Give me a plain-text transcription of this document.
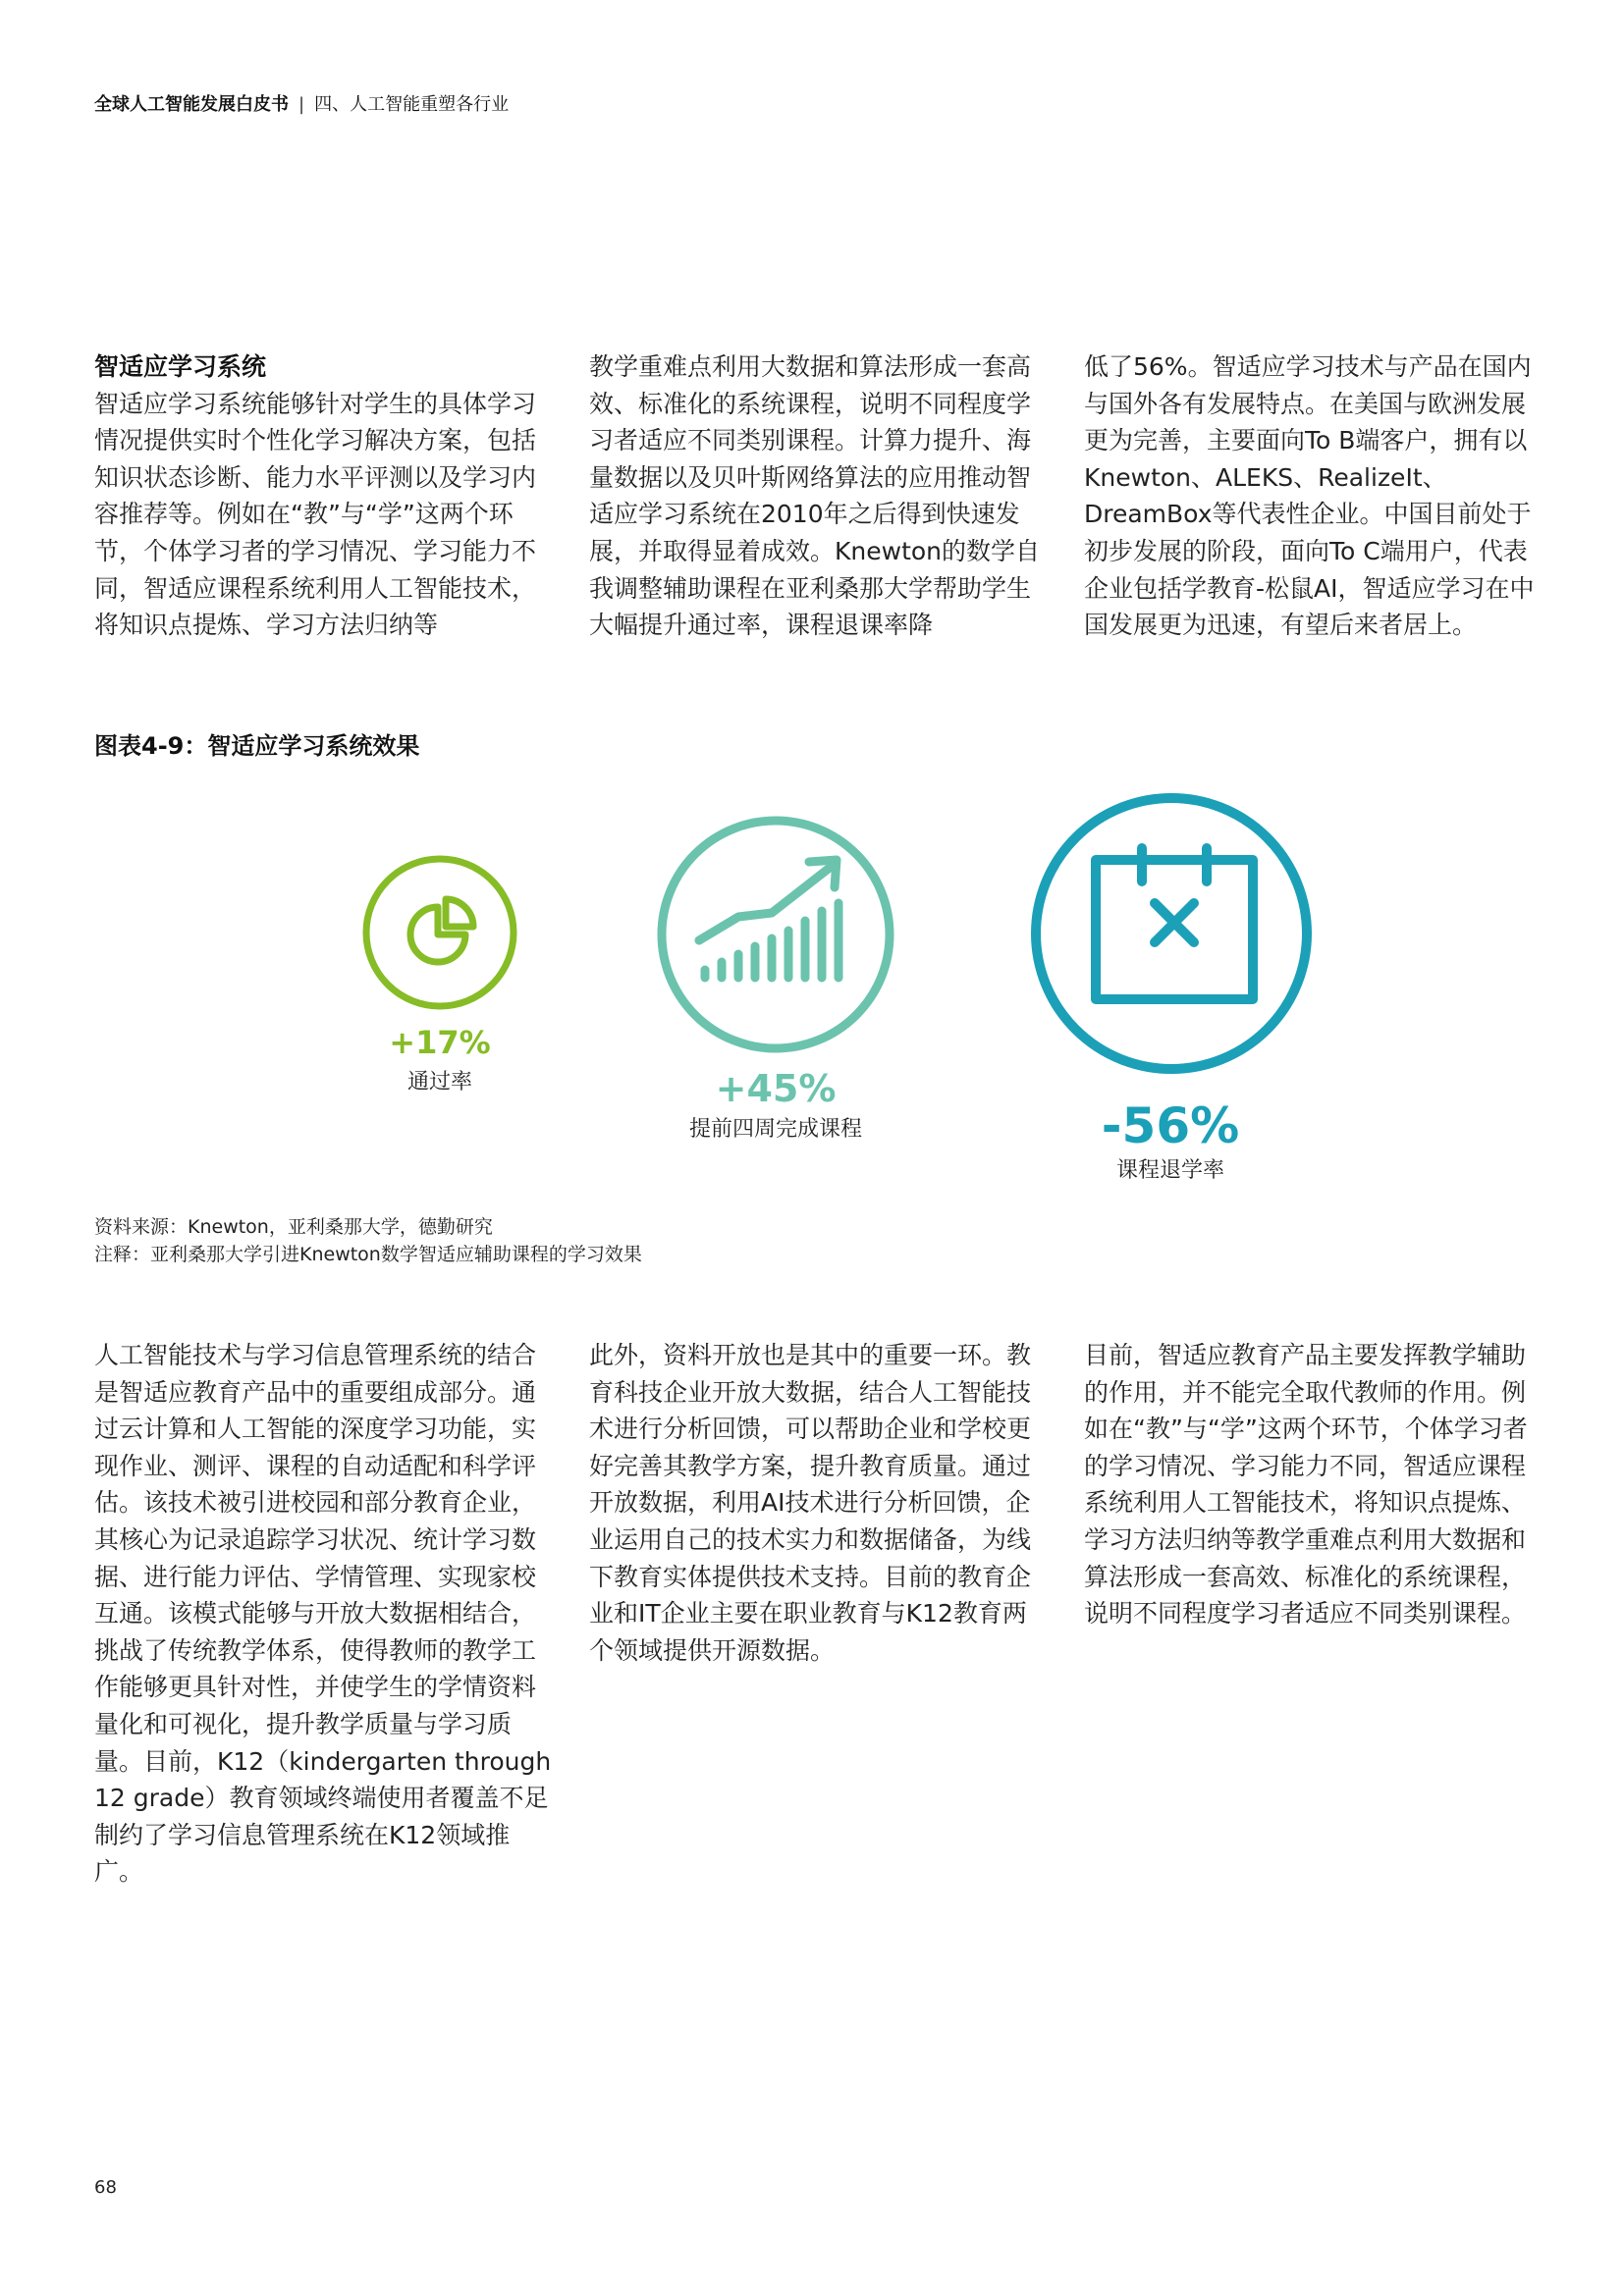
全球人工智能发展白皮书 | 四、人工智能重塑各行业

智适应学习系统

智适应学习系统能够针对学生的具体学习情况提供实时个性化学习解决方案，包括知识状态诊断、能力水平评测以及学习内容推荐等。例如在“教”与“学”这两个环节，个体学习者的学习情况、学习能力不同，智适应课程系统利用人工智能技术，将知识点提炼、学习方法归纳等

教学重难点利用大数据和算法形成一套高效、标准化的系统课程，说明不同程度学习者适应不同类别课程。计算力提升、海量数据以及贝叶斯网络算法的应用推动智适应学习系统在2010年之后得到快速发展，并取得显着成效。Knewton的数学自我调整辅助课程在亚利桑那大学帮助学生大幅提升通过率，课程退课率降

低了56%。智适应学习技术与产品在国内与国外各有发展特点。在美国与欧洲发展更为完善，主要面向To B端客户，拥有以Knewton、ALEKS、RealizeIt、DreamBox等代表性企业。中国目前处于初步发展的阶段，面向To C端用户，代表企业包括学教育-松鼠AI，智适应学习在中国发展更为迅速，有望后来者居上。

图表4-9：智适应学习系统效果
+17%
通过率	+45%
提前四周完成课程	-56%
课程退学率
资料来源：Knewton，亚利桑那大学，德勤研究
注释：亚利桑那大学引进Knewton数学智适应辅助课程的学习效果

人工智能技术与学习信息管理系统的结合是智适应教育产品中的重要组成部分。通过云计算和人工智能的深度学习功能，实现作业、测评、课程的自动适配和科学评估。该技术被引进校园和部分教育企业，其核心为记录追踪学习状况、统计学习数据、进行能力评估、学情管理、实现家校互通。该模式能够与开放大数据相结合，挑战了传统教学体系，使得教师的教学工作能够更具针对性，并使学生的学情资料量化和可视化，提升教学质量与学习质量。目前，K12（kindergarten through 12 grade）教育领域终端使用者覆盖不足制约了学习信息管理系统在K12领域推广。

此外，资料开放也是其中的重要一环。教育科技企业开放大数据，结合人工智能技术进行分析回馈，可以帮助企业和学校更好完善其教学方案，提升教育质量。通过开放数据，利用AI技术进行分析回馈，企业运用自己的技术实力和数据储备，为线下教育实体提供技术支持。目前的教育企业和IT企业主要在职业教育与K12教育两个领域提供开源数据。

目前，智适应教育产品主要发挥教学辅助的作用，并不能完全取代教师的作用。例如在“教”与“学”这两个环节，个体学习者的学习情况、学习能力不同，智适应课程系统利用人工智能技术，将知识点提炼、学习方法归纳等教学重难点利用大数据和算法形成一套高效、标准化的系统课程，说明不同程度学习者适应不同类别课程。

68
